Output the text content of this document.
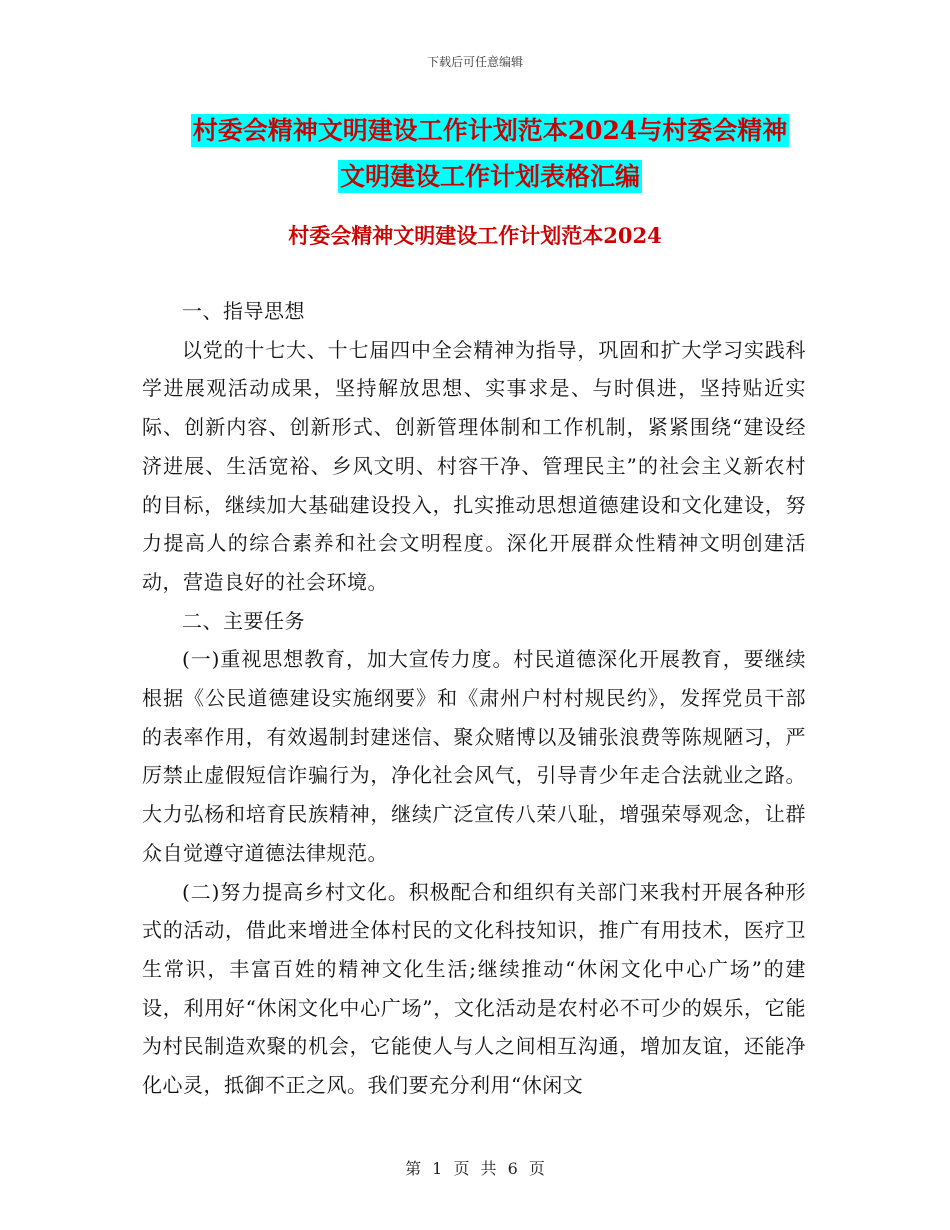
下载后可任意编辑
村委会精神文明建设工作计划范本2024与村委会精神
文明建设工作计划表格汇编
村委会精神文明建设工作计划范本2024

一、指导思想

以党的十七大、十七届四中全会精神为指导，巩固和扩大学习实践科学进展观活动成果，坚持解放思想、实事求是、与时俱进，坚持贴近实际、创新内容、创新形式、创新管理体制和工作机制，紧紧围绕“建设经济进展、生活宽裕、乡风文明、村容干净、管理民主”的社会主义新农村的目标，继续加大基础建设投入，扎实推动思想道德建设和文化建设，努力提高人的综合素养和社会文明程度。深化开展群众性精神文明创建活动，营造良好的社会环境。

二、主要任务

(一)重视思想教育，加大宣传力度。村民道德深化开展教育，要继续根据《公民道德建设实施纲要》和《肃州户村村规民约》，发挥党员干部的表率作用，有效遏制封建迷信、聚众赌博以及铺张浪费等陈规陋习，严厉禁止虚假短信诈骗行为，净化社会风气，引导青少年走合法就业之路。大力弘杨和培育民族精神，继续广泛宣传八荣八耻，增强荣辱观念，让群众自觉遵守道德法律规范。

(二)努力提高乡村文化。积极配合和组织有关部门来我村开展各种形式的活动，借此来增进全体村民的文化科技知识，推广有用技术，医疗卫生常识，丰富百姓的精神文化生活;继续推动“休闲文化中心广场”的建设，利用好“休闲文化中心广场”，文化活动是农村必不可少的娱乐，它能为村民制造欢聚的机会，它能使人与人之间相互沟通，增加友谊，还能净化心灵，抵御不正之风。我们要充分利用“休闲文

第 1 页 共 6 页
